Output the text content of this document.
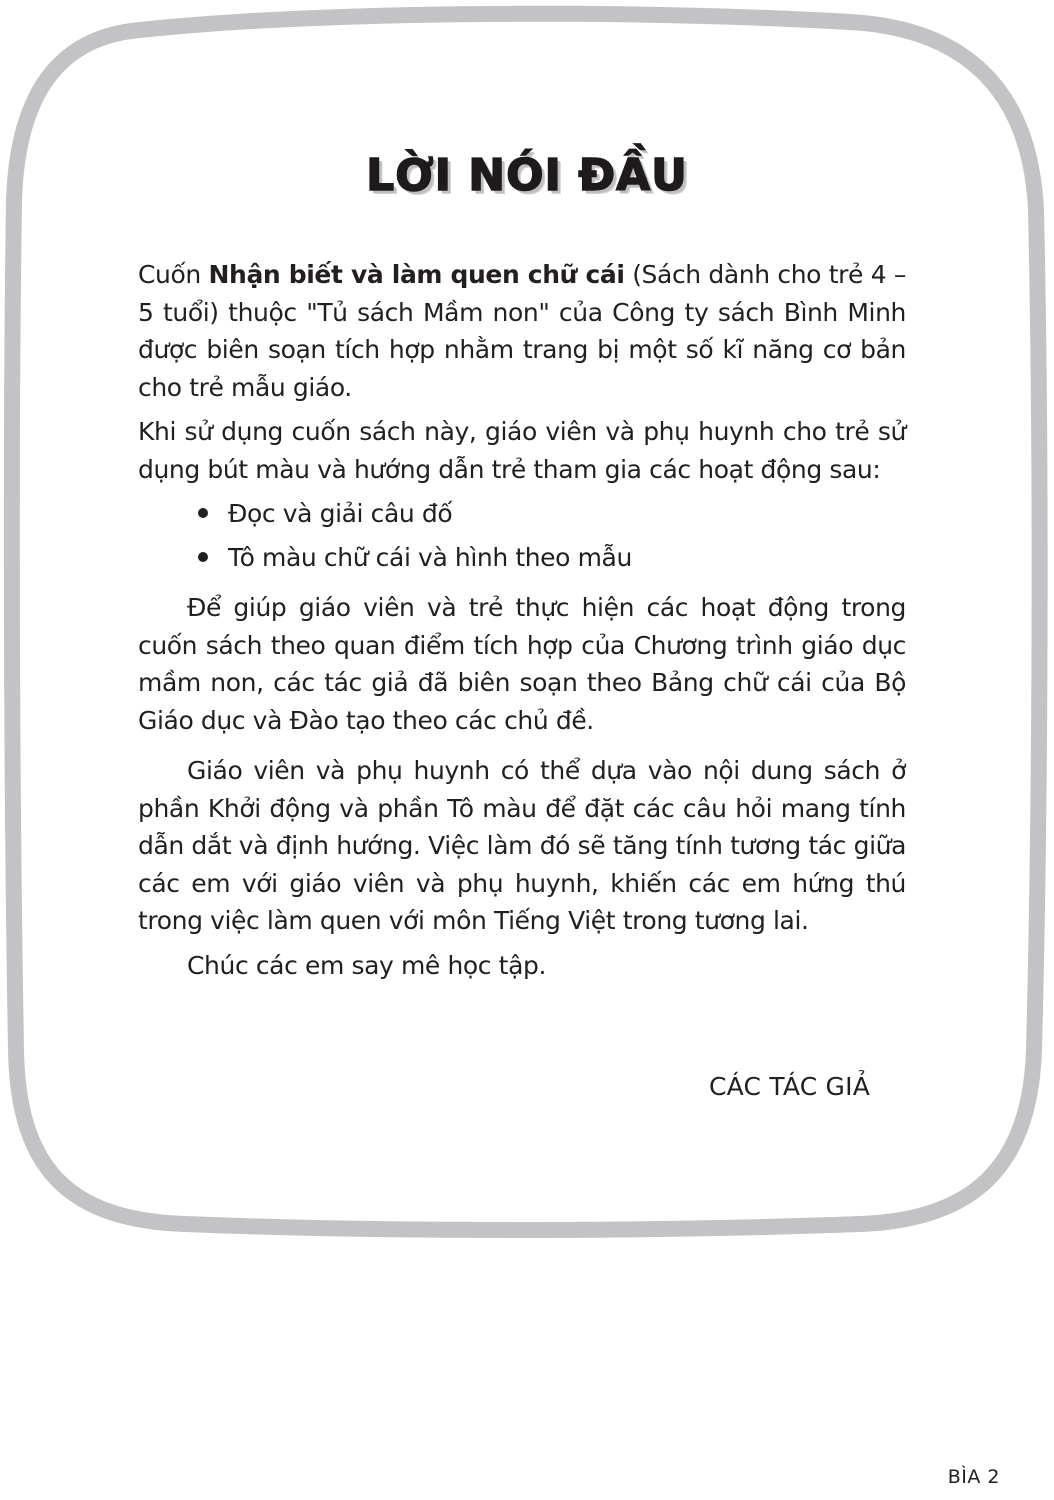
LỜI NÓI ĐẦU

Cuốn Nhận biết và làm quen chữ cái (Sách dành cho trẻ 4 – 5 tuổi) thuộc "Tủ sách Mầm non" của Công ty sách Bình Minh được biên soạn tích hợp nhằm trang bị một số kĩ năng cơ bản cho trẻ mẫu giáo.

Khi sử dụng cuốn sách này, giáo viên và phụ huynh cho trẻ sử dụng bút màu và hướng dẫn trẻ tham gia các hoạt động sau:

Đọc và giải câu đố
Tô màu chữ cái và hình theo mẫu

Để giúp giáo viên và trẻ thực hiện các hoạt động trong cuốn sách theo quan điểm tích hợp của Chương trình giáo dục mầm non, các tác giả đã biên soạn theo Bảng chữ cái của Bộ Giáo dục và Đào tạo theo các chủ đề.

Giáo viên và phụ huynh có thể dựa vào nội dung sách ở phần Khởi động và phần Tô màu để đặt các câu hỏi mang tính dẫn dắt và định hướng. Việc làm đó sẽ tăng tính tương tác giữa các em với giáo viên và phụ huynh, khiến các em hứng thú trong việc làm quen với môn Tiếng Việt trong tương lai.

Chúc các em say mê học tập.

CÁC TÁC GIẢ
BÌA 2
